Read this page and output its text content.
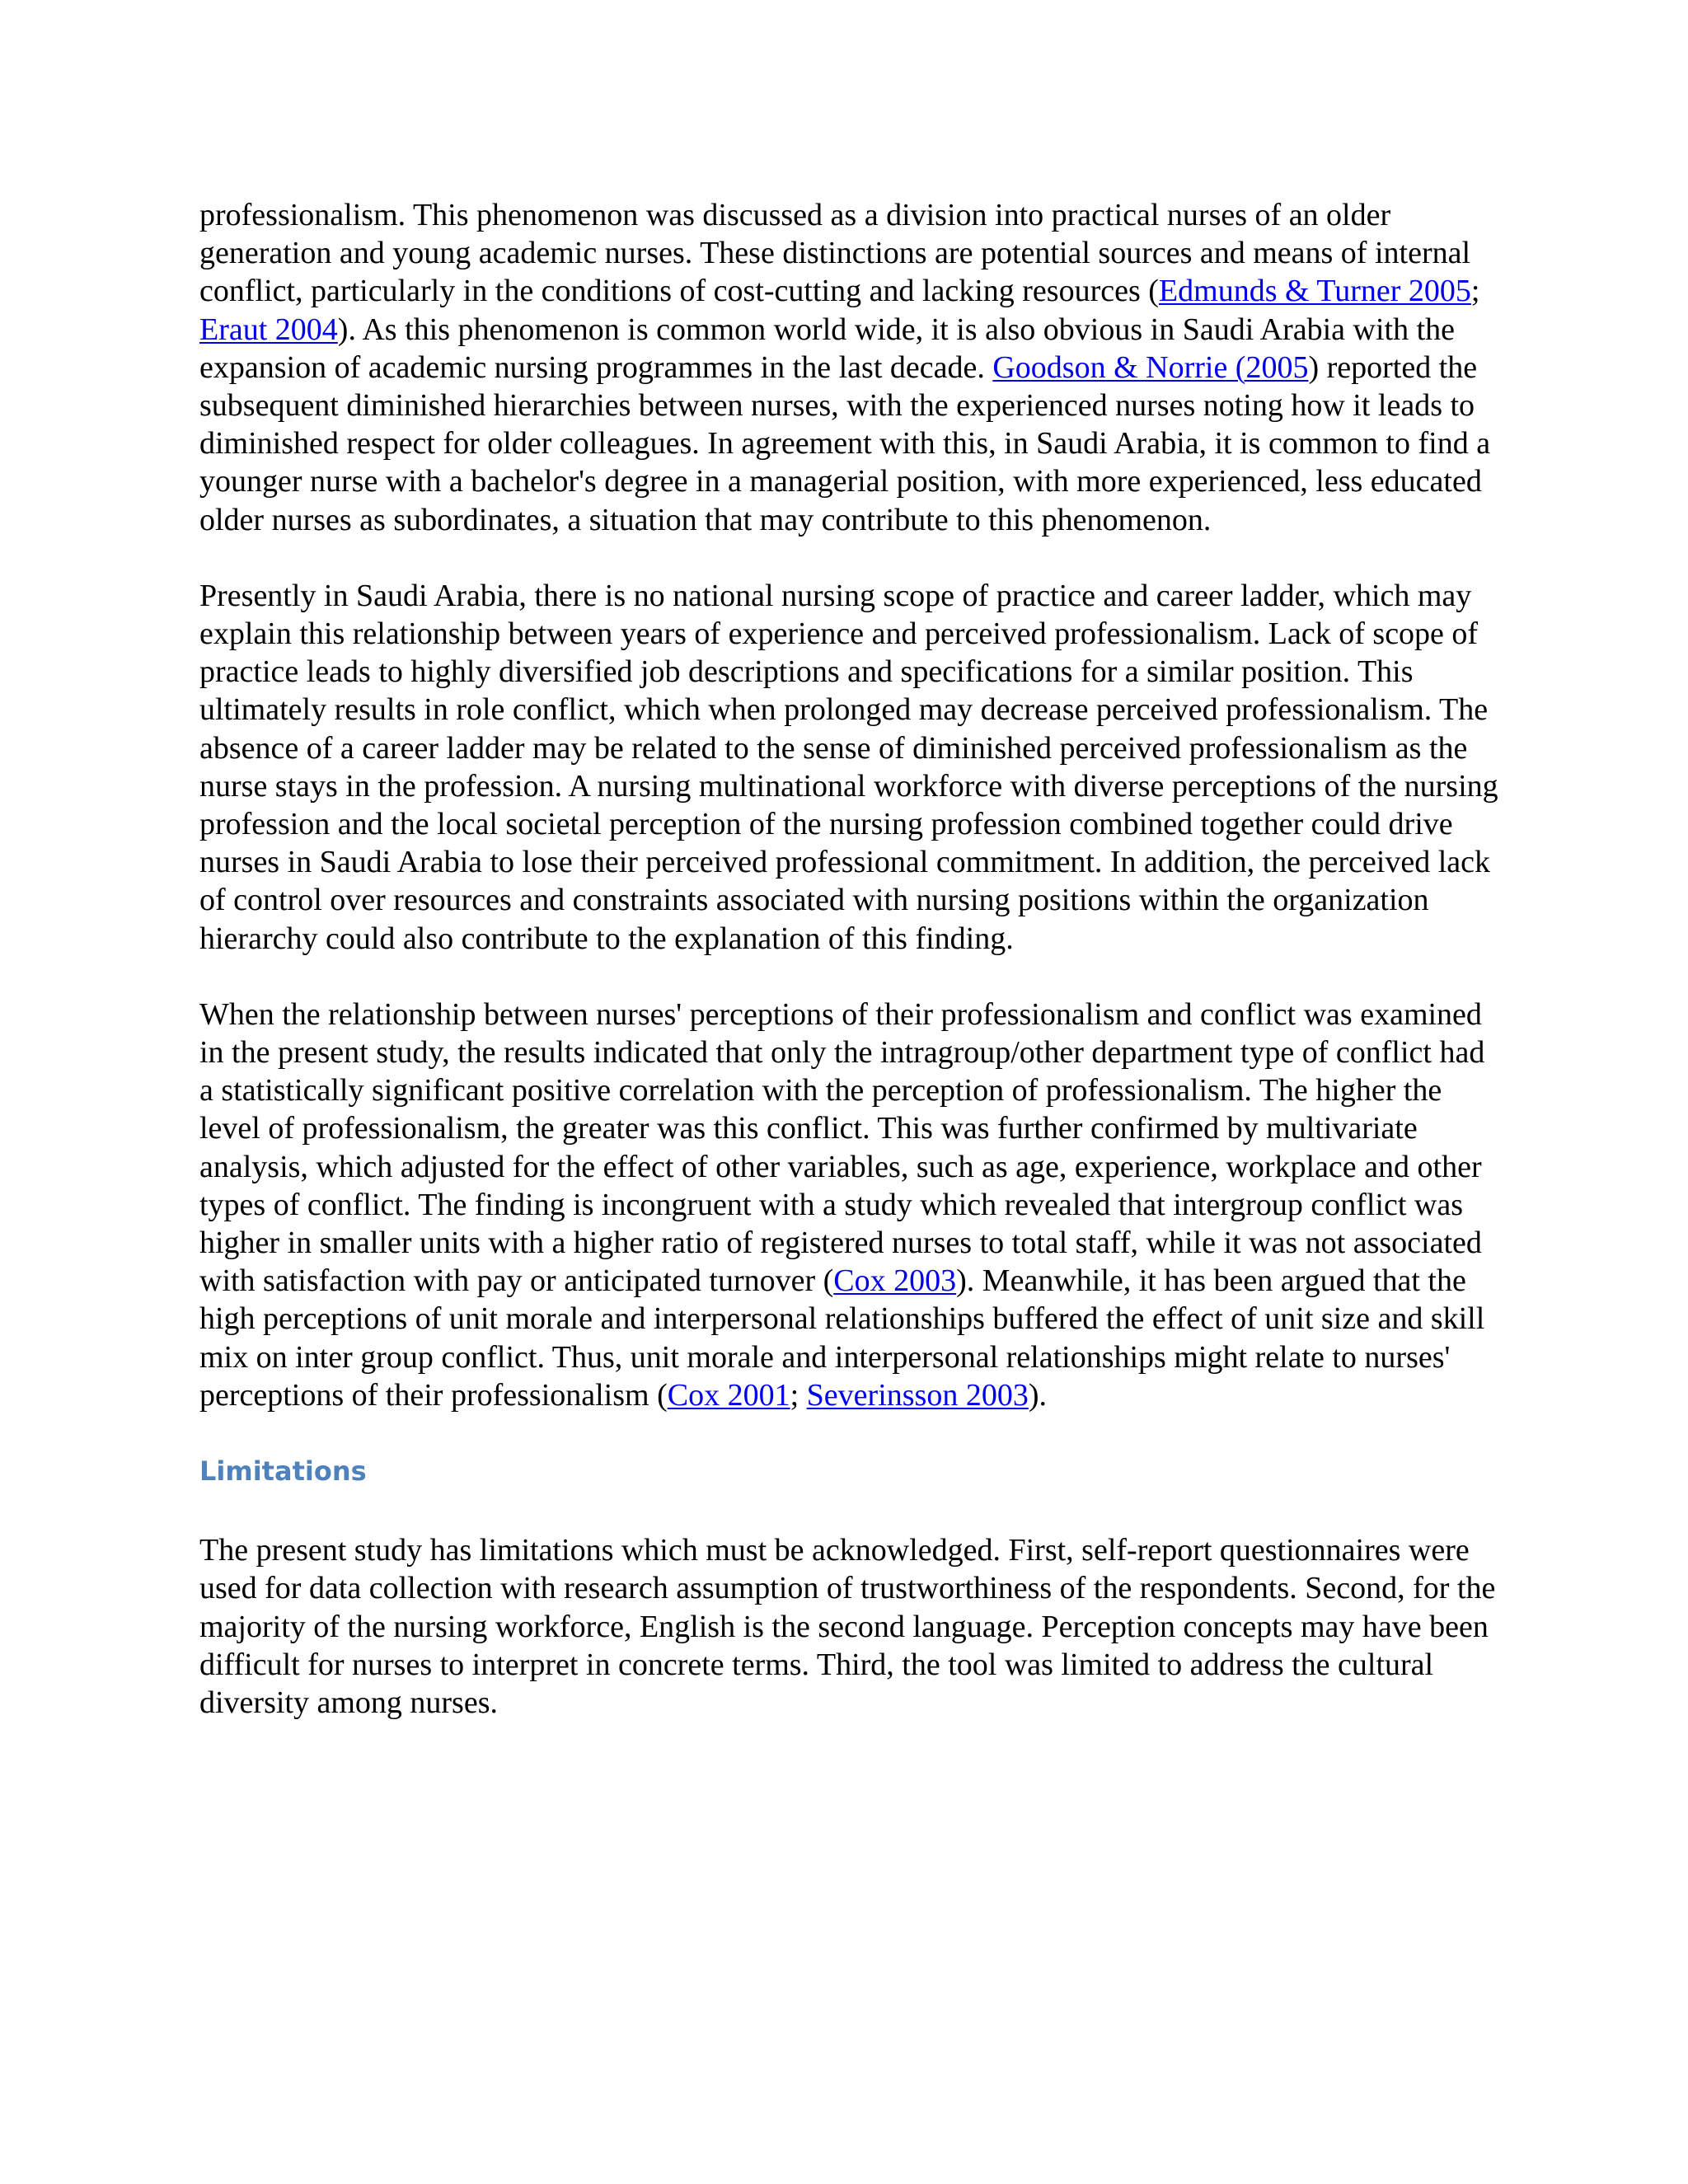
professionalism. This phenomenon was discussed as a division into practical nurses of an older generation and young academic nurses. These distinctions are potential sources and means of internal conflict, particularly in the conditions of cost-cutting and lacking resources (Edmunds & Turner 2005; Eraut 2004). As this phenomenon is common world wide, it is also obvious in Saudi Arabia with the expansion of academic nursing programmes in the last decade. Goodson & Norrie (2005) reported the subsequent diminished hierarchies between nurses, with the experienced nurses noting how it leads to diminished respect for older colleagues. In agreement with this, in Saudi Arabia, it is common to find a younger nurse with a bachelor's degree in a managerial position, with more experienced, less educated older nurses as subordinates, a situation that may contribute to this phenomenon.

Presently in Saudi Arabia, there is no national nursing scope of practice and career ladder, which may explain this relationship between years of experience and perceived professionalism. Lack of scope of practice leads to highly diversified job descriptions and specifications for a similar position. This ultimately results in role conflict, which when prolonged may decrease perceived professionalism. The absence of a career ladder may be related to the sense of diminished perceived professionalism as the nurse stays in the profession. A nursing multinational workforce with diverse perceptions of the nursing profession and the local societal perception of the nursing profession combined together could drive nurses in Saudi Arabia to lose their perceived professional commitment. In addition, the perceived lack of control over resources and constraints associated with nursing positions within the organization hierarchy could also contribute to the explanation of this finding.

When the relationship between nurses' perceptions of their professionalism and conflict was examined in the present study, the results indicated that only the intragroup/other department type of conflict had a statistically significant positive correlation with the perception of professionalism. The higher the level of professionalism, the greater was this conflict. This was further confirmed by multivariate analysis, which adjusted for the effect of other variables, such as age, experience, workplace and other types of conflict. The finding is incongruent with a study which revealed that intergroup conflict was higher in smaller units with a higher ratio of registered nurses to total staff, while it was not associated with satisfaction with pay or anticipated turnover (Cox 2003). Meanwhile, it has been argued that the high perceptions of unit morale and interpersonal relationships buffered the effect of unit size and skill mix on inter group conflict. Thus, unit morale and interpersonal relationships might relate to nurses' perceptions of their professionalism (Cox 2001; Severinsson 2003).

Limitations

The present study has limitations which must be acknowledged. First, self-report questionnaires were used for data collection with research assumption of trustworthiness of the respondents. Second, for the majority of the nursing workforce, English is the second language. Perception concepts may have been difficult for nurses to interpret in concrete terms. Third, the tool was limited to address the cultural diversity among nurses.
